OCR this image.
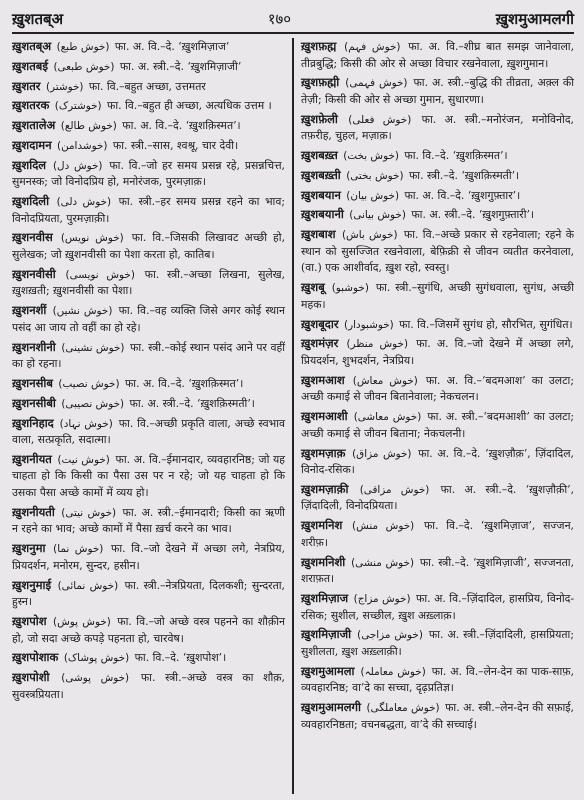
ख़ुशतब्अ	१७०	ख़ुशमुआमलगी

ख़ुशतब्अ (خوش طبع) फा. अ. वि.–दे. ‘ख़ुशमिज़ाज’

ख़ुशतबई (خوش طبعی) फा. अ. स्त्री.–दे. ‘ख़ुशमिज़ाजी’

ख़ुशतर (خوشتر) फा. वि.–बहुत अच्छा, उत्तमतर

ख़ुशतरक (خوشترک) फा. वि.–बहुत ही अच्छा, अत्यधिक उत्तम ।

ख़ुशतालेअ (خوش طالع) फा. अ. वि.–दे. ‘ख़ुशक़िस्मत’।

ख़ुशदामन (خوشدامن) फा. स्त्री.–सास, श्वश्रू, चार देवी।

ख़ुशदिल (خوش دل) फा. वि.–जो हर समय प्रसन्न रहे, प्रसन्नचित्त, सुमनस्क; जो विनोदप्रिय हो, मनोरंजक, पुरमज़ाक़।

ख़ुशदिली (خوش دلی) फा. स्त्री.–हर समय प्रसन्न रहने का भाव; विनोदप्रियता, पुरमज़ाक़ी।

ख़ुशनवीस (خوش نویس) फा. वि.–जिसकी लिखावट अच्छी हो, सुलेखक; जो ख़ुशनवीसी का पेशा करता हो, कातिब।

ख़ुशनवीसी (خوش نویسی) फा. स्त्री.–अच्छा लिखना, सुलेख, ख़ुशख़ती; ख़ुशनवीसी का पेशा।

ख़ुशनशीं (خوش نشیں) फा. वि.–वह व्यक्ति जिसे अगर कोई स्थान पसंद आ जाय तो वहीं का हो रहे।

ख़ुशनशीनी (خوش نشینی) फा. स्त्री.–कोई स्थान पसंद आने पर वहीं का हो रहना।

ख़ुशनसीब (خوش نصیب) फा. अ. वि.–दे. ‘ख़ुशक़िस्मत’।

ख़ुशनसीबी (خوش نصیبی) फा. अ. स्त्री.–दे. ‘ख़ुशक़िस्मती’।

ख़ुशनिहाद (خوش نہاد) फा. वि.–अच्छी प्रकृति वाला, अच्छे स्वभाव वाला, सत्प्रकृति, सदात्मा।

ख़ुशनीयत (خوش نیت) फा. अ. वि.–ईमानदार, व्यवहारनिष्ठ; जो यह चाहता हो कि किसी का पैसा उस पर न रहे; जो यह चाहता हो कि उसका पैसा अच्छे कामों में व्यय हो।

ख़ुशनीयती (خوش نیتی) फा. अ. स्त्री.–ईमानदारी; किसी का ऋणी न रहने का भाव; अच्छे कामों में पैसा ख़र्च करने का भाव।

ख़ुशनुमा (خوش نما) फा. वि.–जो देखने में अच्छा लगे, नेत्रप्रिय, प्रियदर्शन, मनोरम, सुन्दर, हसीन।

ख़ुशनुमाई (خوش نمائی) फा. स्त्री.–नेत्रप्रियता, दिलकशी; सुन्दरता, हुस्न।

ख़ुशपोश (خوش پوش) फा. वि.–जो अच्छे वस्त्र पहनने का शौक़ीन हो, जो सदा अच्छे कपड़े पहनता हो, चारवेष।

ख़ुशपोशाक (خوش پوشاک) फा. वि.–दे. ‘ख़ुशपोश’।

ख़ुशपोशी (خوش پوشی) फा. स्त्री.–अच्छे वस्त्र का शौक़, सुवस्त्रप्रियता।

ख़ुशफ़ह्म (خوش فہم) फा. अ. वि.–शीघ्र बात समझ जानेवाला, तीव्रबुद्धि; किसी की ओर से अच्छा विचार रखनेवाला, ख़ुशगुमान।

ख़ुशफ़ह्मी (خوش فہمی) फा. अ. स्त्री.–बुद्धि की तीव्रता, अक़्ल की तेज़ी; किसी की ओर से अच्छा गुमान, सुधारणा।

ख़ुशफ़ेली (خوش فعلی) फा. अ. स्त्री.–मनोरंजन, मनोविनोद, तफ़रीह, चुहल, मज़ाक़।

ख़ुशबख़्त (خوش بخت) फा. वि.–दे. ‘ख़ुशक़िस्मत’।

ख़ुशबख़्ती (خوش بختی) फा. स्त्री.–दे. ‘ख़ुशक़िस्मती’।

ख़ुशबयान (خوش بیان) फा. अ. वि.–दे. ‘ख़ुशगुफ़्तार’।

ख़ुशबयानी (خوش بیانی) फा. अ. स्त्री.–दे. ‘ख़ुशगुफ़्तारी’।

ख़ुशबाश (خوش باش) फा. वि.–अच्छे प्रकार से रहनेवाला; रहने के स्थान को सुसज्जित रखनेवाला, बेफ़िक्री से जीवन व्यतीत करनेवाला, (वा.) एक आशीर्वाद, ख़ुश रहो, स्वस्तु।

ख़ुशबू (خوشبو) फा. स्त्री.–सुगंधि, अच्छी सुगंधवाला, सुगंध, अच्छी महक।

ख़ुशबूदार (خوشبودار) फा. वि.–जिसमें सुगंध हो, सौरभित, सुगंधित।

ख़ुशमंज़र (خوش منظر) फा. अ. वि.–जो देखने में अच्छा लगे, प्रियदर्शन, शुभदर्शन, नेत्रप्रिय।

ख़ुशमआश (خوش معاش) फा. अ. वि.–‘बदमआश’ का उलटा; अच्छी कमाई से जीवन बितानेवाला; नेकचलन।

ख़ुशमआशी (خوش معاشی) फा. अ. स्त्री.–‘बदमआशी’ का उलटा; अच्छी कमाई से जीवन बिताना; नेकचलनी।

ख़ुशमज़ाक़ (خوش مزاق) फा. अ. वि.–दे. ‘ख़ुशज़ौक़’, ज़िंदादिल, विनोद-रसिक।

ख़ुशमज़ाक़ी (خوش مزاقی) फा. अ. स्त्री.–दे. ‘ख़ुशज़ौक़ी’, ज़िंदादिली, विनोदप्रियता।

ख़ुशमनिश (خوش منش) फा. वि.–दे. ‘ख़ुशमिज़ाज’, सज्जन, शरीफ़।

ख़ुशमनिशी (خوش منشی) फा. स्त्री.–दे. ‘ख़ुशमिज़ाजी’, सज्जनता, शराफ़त।

ख़ुशमिज़ाज (خوش مزاج) फा. अ. वि.–ज़िंदादिल, हासप्रिय, विनोद-रसिक; सुशील, सच्छील, ख़ुश अख़्लाक़।

ख़ुशमिज़ाजी (خوش مزاجی) फा. अ. स्त्री.–ज़िंदादिली, हासप्रियता; सुशीलता, ख़ुश अख़्लाक़ी।

ख़ुशमुआमला (خوش معاملہ) फा. अ. वि.–लेन-देन का पाक-साफ़, व्यवहारनिष्ठ; वा’दे का सच्चा, दृढ़प्रतिज्ञ।

ख़ुशमुआमलगी (خوش معاملگی) फा. अ. स्त्री.–लेन-देन की सफ़ाई, व्यवहारनिष्ठता; वचनबद्धता, वा’दे की सच्चाई।
